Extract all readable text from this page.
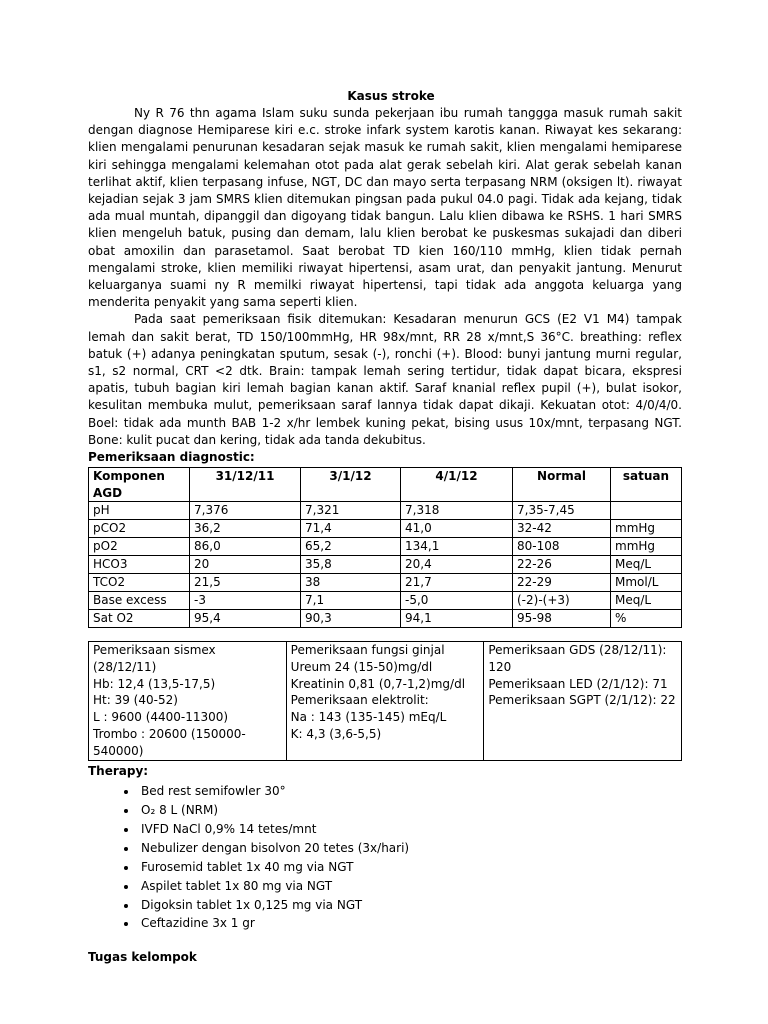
Kasus stroke

Ny R 76 thn agama Islam suku sunda pekerjaan ibu rumah tanggga masuk rumah sakit dengan diagnose Hemiparese kiri e.c. stroke infark system karotis kanan. Riwayat kes sekarang: klien mengalami penurunan kesadaran sejak masuk ke rumah sakit, klien mengalami hemiparese kiri sehingga mengalami kelemahan otot pada alat gerak sebelah kiri. Alat gerak sebelah kanan terlihat aktif, klien terpasang infuse, NGT, DC dan mayo serta terpasang NRM (oksigen lt). riwayat kejadian sejak 3 jam SMRS klien ditemukan pingsan pada pukul 04.0 pagi. Tidak ada kejang, tidak ada mual muntah, dipanggil dan digoyang tidak bangun. Lalu klien dibawa ke RSHS. 1 hari SMRS klien mengeluh batuk, pusing dan demam, lalu klien berobat ke puskesmas sukajadi dan diberi obat amoxilin dan parasetamol. Saat berobat TD kien 160/110 mmHg, klien tidak pernah mengalami stroke, klien memiliki riwayat hipertensi, asam urat, dan penyakit jantung. Menurut keluarganya suami ny R memilki riwayat hipertensi, tapi tidak ada anggota keluarga yang menderita penyakit yang sama seperti klien.

Pada saat pemeriksaan fisik ditemukan: Kesadaran menurun GCS (E2 V1 M4) tampak lemah dan sakit berat, TD 150/100mmHg, HR 98x/mnt, RR 28 x/mnt,S 36°C. breathing: reflex batuk (+) adanya peningkatan sputum, sesak (-), ronchi (+). Blood: bunyi jantung murni regular, s1, s2 normal, CRT <2 dtk. Brain: tampak lemah sering tertidur, tidak dapat bicara, ekspresi apatis, tubuh bagian kiri lemah bagian kanan aktif. Saraf knanial reflex pupil (+), bulat isokor, kesulitan membuka mulut, pemeriksaan saraf lannya tidak dapat dikaji. Kekuatan otot: 4/0/4/0. Boel: tidak ada munth BAB 1-2 x/hr lembek kuning pekat, bising usus 10x/mnt, terpasang NGT. Bone: kulit pucat dan kering, tidak ada tanda dekubitus.

Pemeriksaan diagnostic:
Komponen AGD	31/12/11	3/1/12	4/1/12	Normal	satuan
pH	7,376	7,321	7,318	7,35-7,45	
pCO2	36,2	71,4	41,0	32-42	mmHg
pO2	86,0	65,2	134,1	80-108	mmHg
HCO3	20	35,8	20,4	22-26	Meq/L
TCO2	21,5	38	21,7	22-29	Mmol/L
Base excess	-3	7,1	-5,0	(-2)-(+3)	Meq/L
Sat O2	95,4	90,3	94,1	95-98	%
Pemeriksaan sismex (28/12/11)
Hb: 12,4 (13,5-17,5)
Ht: 39 (40-52)
L : 9600 (4400-11300)
Trombo : 20600 (150000-
540000)

Pemeriksaan fungsi ginjal
Ureum 24 (15-50)mg/dl
Kreatinin 0,81 (0,7-1,2)mg/dl
Pemeriksaan elektrolit:
Na : 143 (135-145) mEq/L
K: 4,3 (3,6-5,5)

Pemeriksaan GDS (28/12/11):
120
Pemeriksaan LED (2/1/12): 71
Pemeriksaan SGPT (2/1/12): 22
Therapy:
• Bed rest semifowler 30°
• O₂ 8 L (NRM)
• IVFD NaCl 0,9% 14 tetes/mnt
• Nebulizer dengan bisolvon 20 tetes (3x/hari)
• Furosemid tablet 1x 40 mg via NGT
• Aspilet tablet 1x 80 mg via NGT
• Digoksin tablet 1x 0,125 mg via NGT
• Ceftazidine 3x 1 gr
Tugas kelompok
